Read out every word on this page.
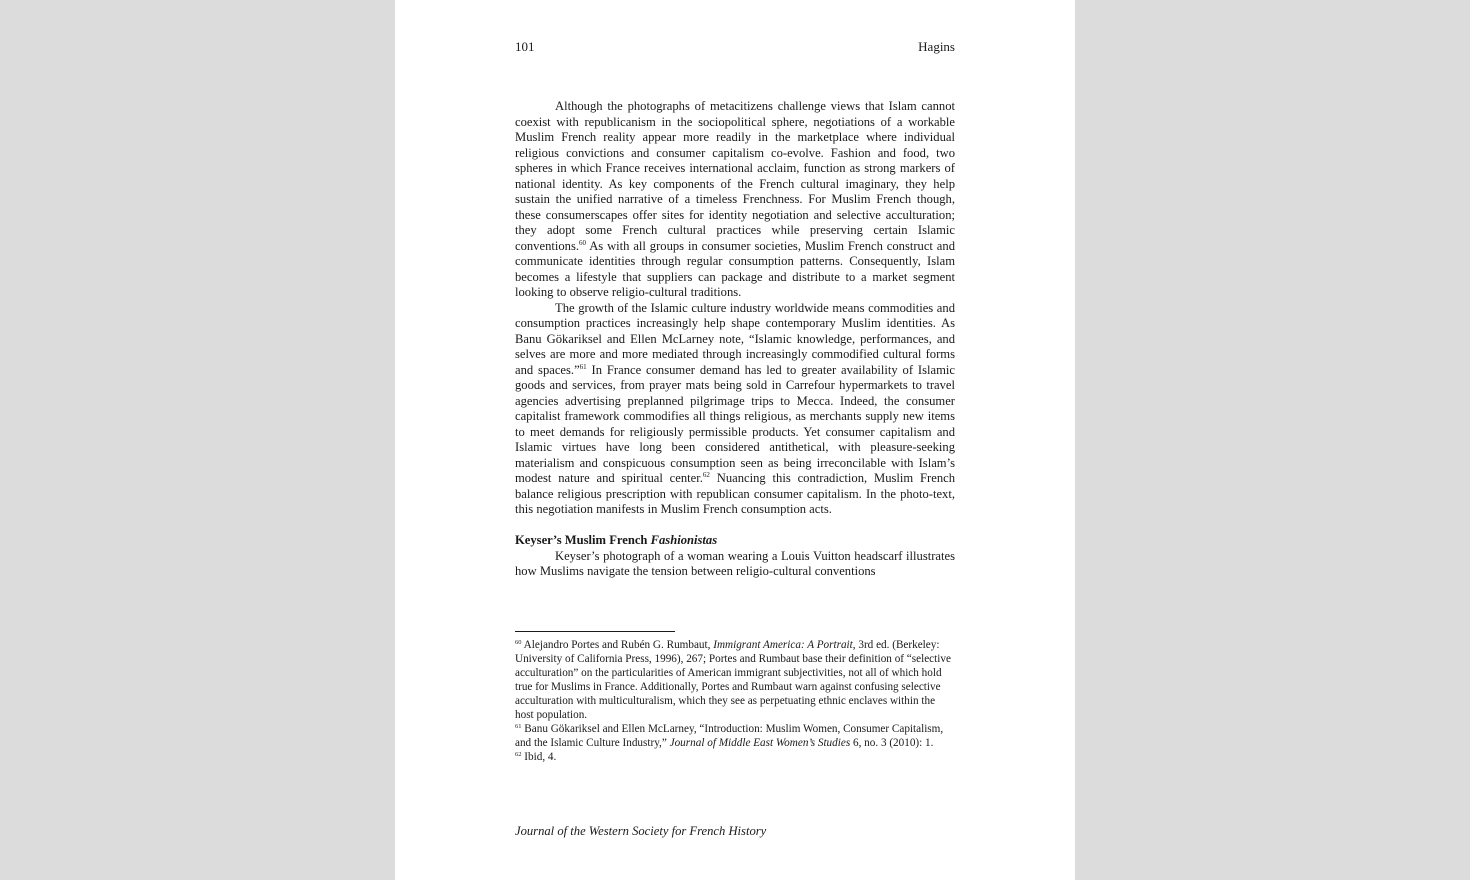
101	Hagins

Although the photographs of metacitizens challenge views that Islam cannot coexist with republicanism in the sociopolitical sphere, negotiations of a workable Muslim French reality appear more readily in the marketplace where individual religious convictions and consumer capitalism co-evolve. Fashion and food, two spheres in which France receives international acclaim, function as strong markers of national identity. As key components of the French cultural imaginary, they help sustain the unified narrative of a timeless Frenchness. For Muslim French though, these consumerscapes offer sites for identity negotiation and selective acculturation; they adopt some French cultural practices while preserving certain Islamic conventions.$^{60}$ As with all groups in consumer societies, Muslim French construct and communicate identities through regular consumption patterns. Consequently, Islam becomes a lifestyle that suppliers can package and distribute to a market segment looking to observe religio-cultural traditions.

The growth of the Islamic culture industry worldwide means commodities and consumption practices increasingly help shape contemporary Muslim identities. As Banu Gökariksel and Ellen McLarney note, “Islamic knowledge, performances, and selves are more and more mediated through increasingly commodified cultural forms and spaces.”$^{61}$ In France consumer demand has led to greater availability of Islamic goods and services, from prayer mats being sold in Carrefour hypermarkets to travel agencies advertising preplanned pilgrimage trips to Mecca. Indeed, the consumer capitalist framework commodifies all things religious, as merchants supply new items to meet demands for religiously permissible products. Yet consumer capitalism and Islamic virtues have long been considered antithetical, with pleasure-seeking materialism and conspicuous consumption seen as being irreconcilable with Islam’s modest nature and spiritual center.$^{62}$ Nuancing this contradiction, Muslim French balance religious prescription with republican consumer capitalism. In the photo-text, this negotiation manifests in Muslim French consumption acts.

Keyser’s Muslim French Fashionistas

Keyser’s photograph of a woman wearing a Louis Vuitton headscarf illustrates how Muslims navigate the tension between religio-cultural conventions

$^{60}$ Alejandro Portes and Rubén G. Rumbaut, Immigrant America: A Portrait, 3rd ed. (Berkeley: University of California Press, 1996), 267; Portes and Rumbaut base their definition of “selective acculturation” on the particularities of American immigrant subjectivities, not all of which hold true for Muslims in France. Additionally, Portes and Rumbaut warn against confusing selective acculturation with multiculturalism, which they see as perpetuating ethnic enclaves within the host population.

$^{61}$ Banu Gökariksel and Ellen McLarney, “Introduction: Muslim Women, Consumer Capitalism, and the Islamic Culture Industry,” Journal of Middle East Women’s Studies 6, no. 3 (2010): 1.

$^{62}$ Ibid, 4.

Journal of the Western Society for French History
